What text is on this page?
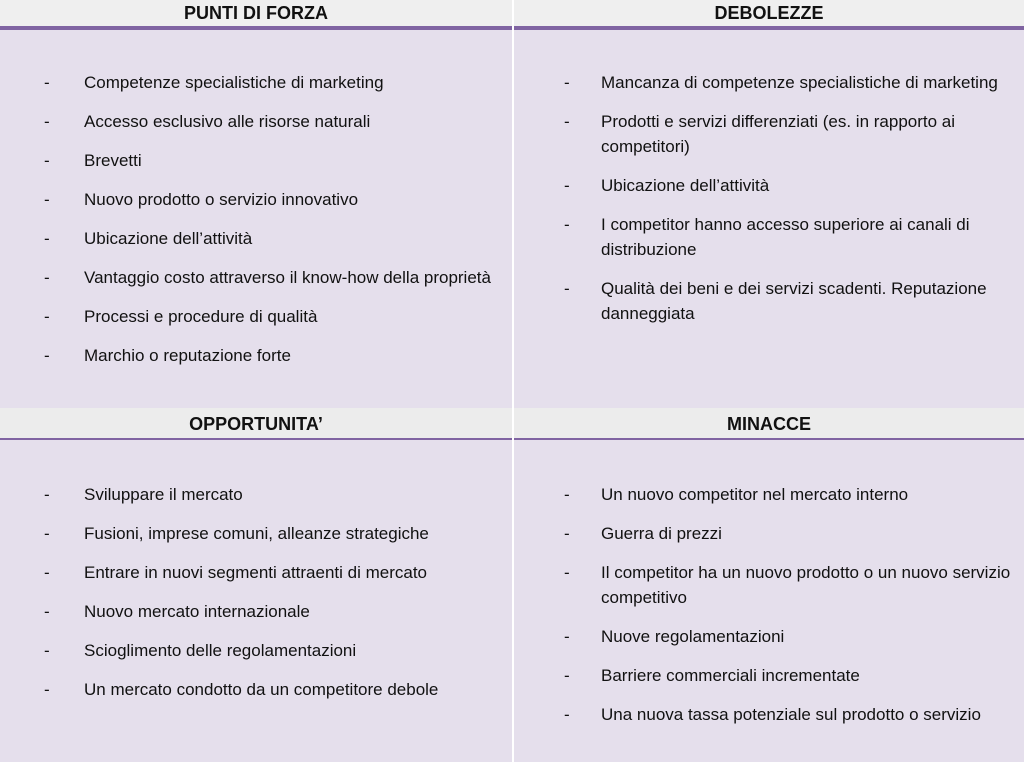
PUNTI DI FORZA
- Competenze specialistiche di marketing
- Accesso esclusivo alle risorse naturali
- Brevetti
- Nuovo prodotto o servizio innovativo
- Ubicazione dell’attività
- Vantaggio costo attraverso il know-how della proprietà
- Processi e procedure di qualità
- Marchio o reputazione forte
DEBOLEZZE
- Mancanza di competenze specialistiche di marketing
- Prodotti e servizi differenziati (es. in rapporto ai competitori)
- Ubicazione dell’attività
- I competitor hanno accesso superiore ai canali di distribuzione
- Qualità dei beni e dei servizi scadenti. Reputazione danneggiata
OPPORTUNITA’
- Sviluppare il mercato
- Fusioni, imprese comuni, alleanze strategiche
- Entrare in nuovi segmenti attraenti di mercato
- Nuovo mercato internazionale
- Scioglimento delle regolamentazioni
- Un mercato condotto da un competitore debole
MINACCE
- Un nuovo competitor nel mercato interno
- Guerra di prezzi
- Il competitor ha un nuovo prodotto o un nuovo servizio competitivo
- Nuove regolamentazioni
- Barriere commerciali incrementate
- Una nuova tassa potenziale sul prodotto o servizio
